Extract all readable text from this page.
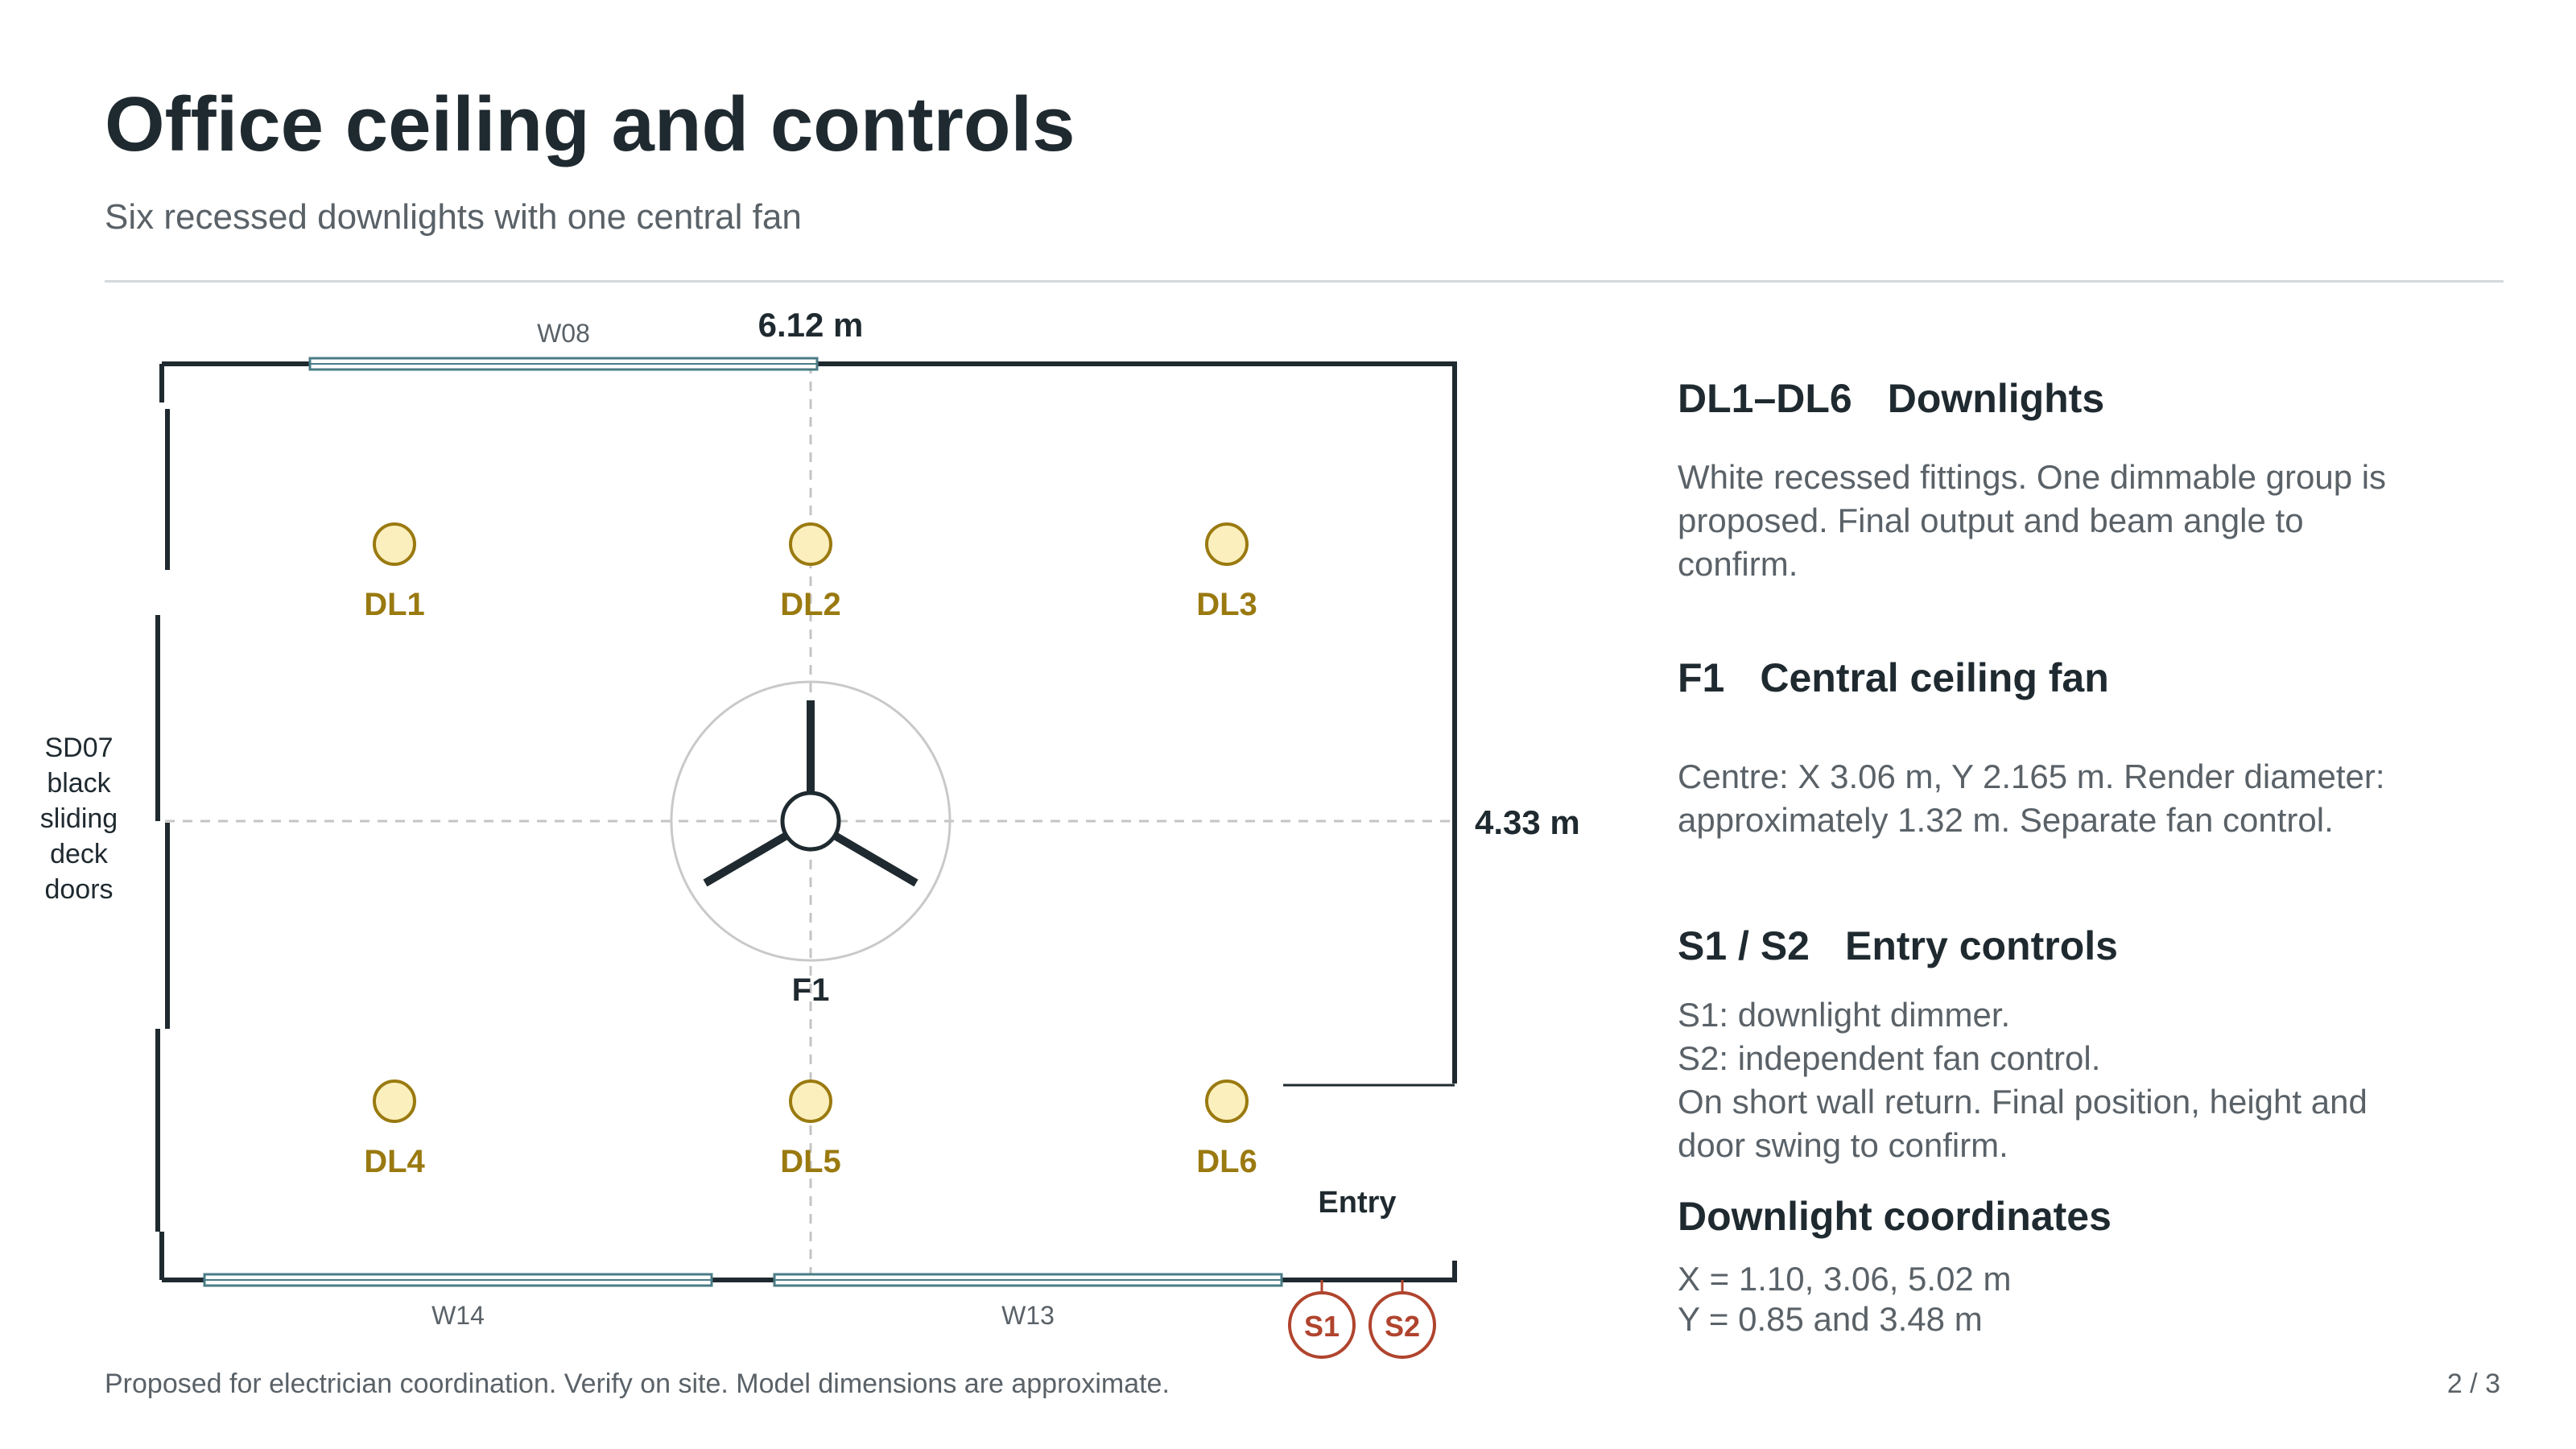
Office ceiling and controls
Six recessed downlights with one central fan
W08
W14	W13
6.12 m
4.33 m
SD07
black
sliding
deck
doors
Entry
S1 S2
F1
DL1	DL2	DL3
DL4	DL5	DL6
DL1–DL6 Downlights
White recessed fittings. One dimmable group is
proposed. Final output and beam angle to
confirm.
F1 Central ceiling fan
Centre: X 3.06 m, Y 2.165 m. Render diameter:
approximately 1.32 m. Separate fan control.
S1 / S2 Entry controls
S1: downlight dimmer.
S2: independent fan control.
On short wall return. Final position, height and
door swing to confirm.
Downlight coordinates
X = 1.10, 3.06, 5.02 m
Y = 0.85 and 3.48 m
Proposed for electrician coordination. Verify on site. Model dimensions are approximate.	2 / 3
